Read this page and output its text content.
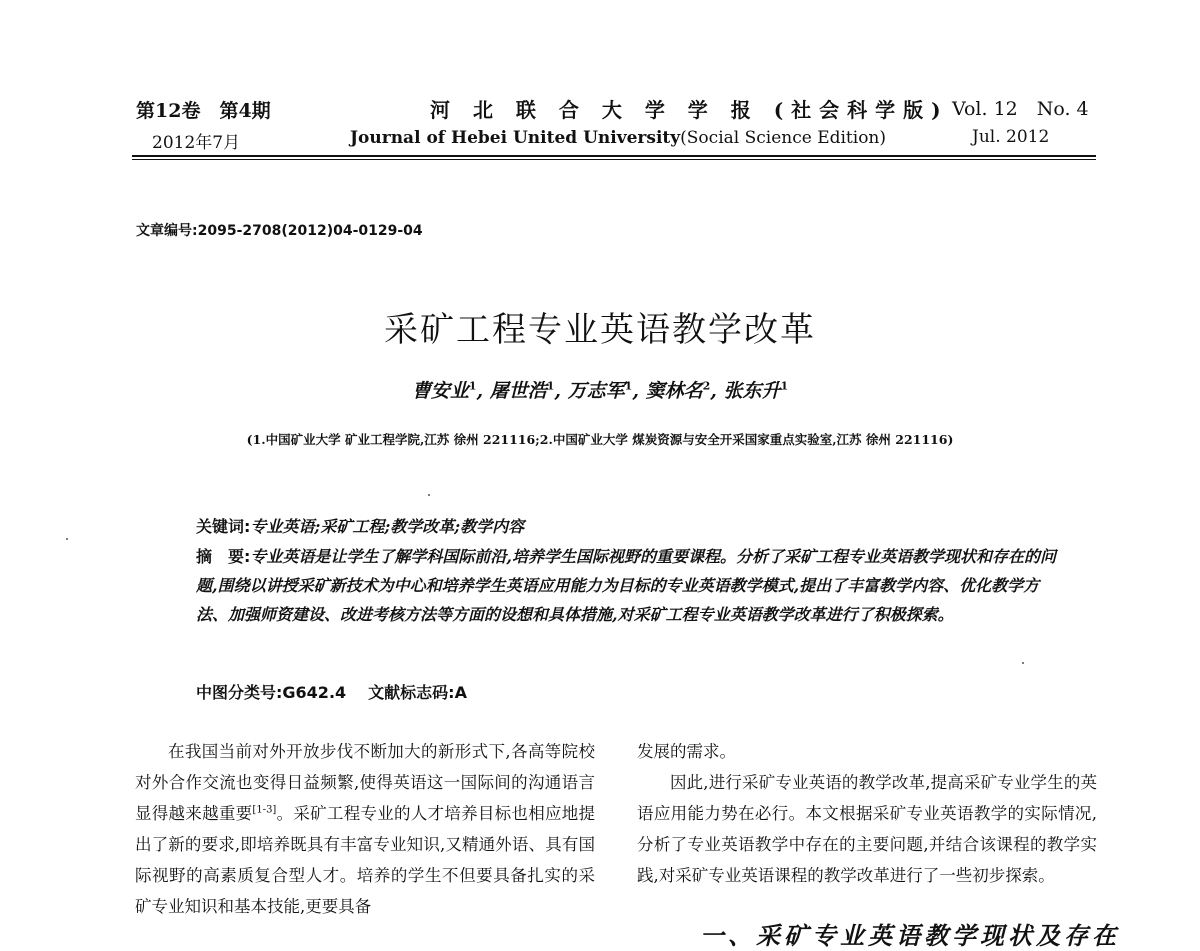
第12卷　第4期
2012年7月
河 北 联 合 大 学 学 报 (社会科学版)
Journal of Hebei United University(Social Science Edition)
Vol. 12　No. 4
Jul. 2012
文章编号:2095-2708(2012)04-0129-04
采矿工程专业英语教学改革
曹安业$^1$, 屠世浩$^1$, 万志军$^1$, 窦林名$^2$, 张东升$^1$
(1.中国矿业大学 矿业工程学院,江苏 徐州 221116;2.中国矿业大学 煤炭资源与安全开采国家重点实验室,江苏 徐州 221116)
关键词:专业英语;采矿工程;教学改革;教学内容
摘　要:专业英语是让学生了解学科国际前沿,培养学生国际视野的重要课程。分析了采矿工程专业英语教学现状和存在的问题,围绕以讲授采矿新技术为中心和培养学生英语应用能力为目标的专业英语教学模式,提出了丰富教学内容、优化教学方法、加强师资建设、改进考核方法等方面的设想和具体措施,对采矿工程专业英语教学改革进行了积极探索。
中图分类号:G642.4 文献标志码:A
在我国当前对外开放步伐不断加大的新形式下,各高等院校对外合作交流也变得日益频繁,使得英语这一国际间的沟通语言显得越来越重要[1-3]。采矿工程专业的人才培养目标也相应地提出了新的要求,即培养既具有丰富专业知识,又精通外语、具有国际视野的高素质复合型人才。培养的学生不但要具备扎实的采矿专业知识和基本技能,更要具备
发展的需求。
因此,进行采矿专业英语的教学改革,提高采矿专业学生的英语应用能力势在必行。本文根据采矿专业英语教学的实际情况,分析了专业英语教学中存在的主要问题,并结合该课程的教学实践,对采矿专业英语课程的教学改革进行了一些初步探索。
一、采矿专业英语教学现状及存在
